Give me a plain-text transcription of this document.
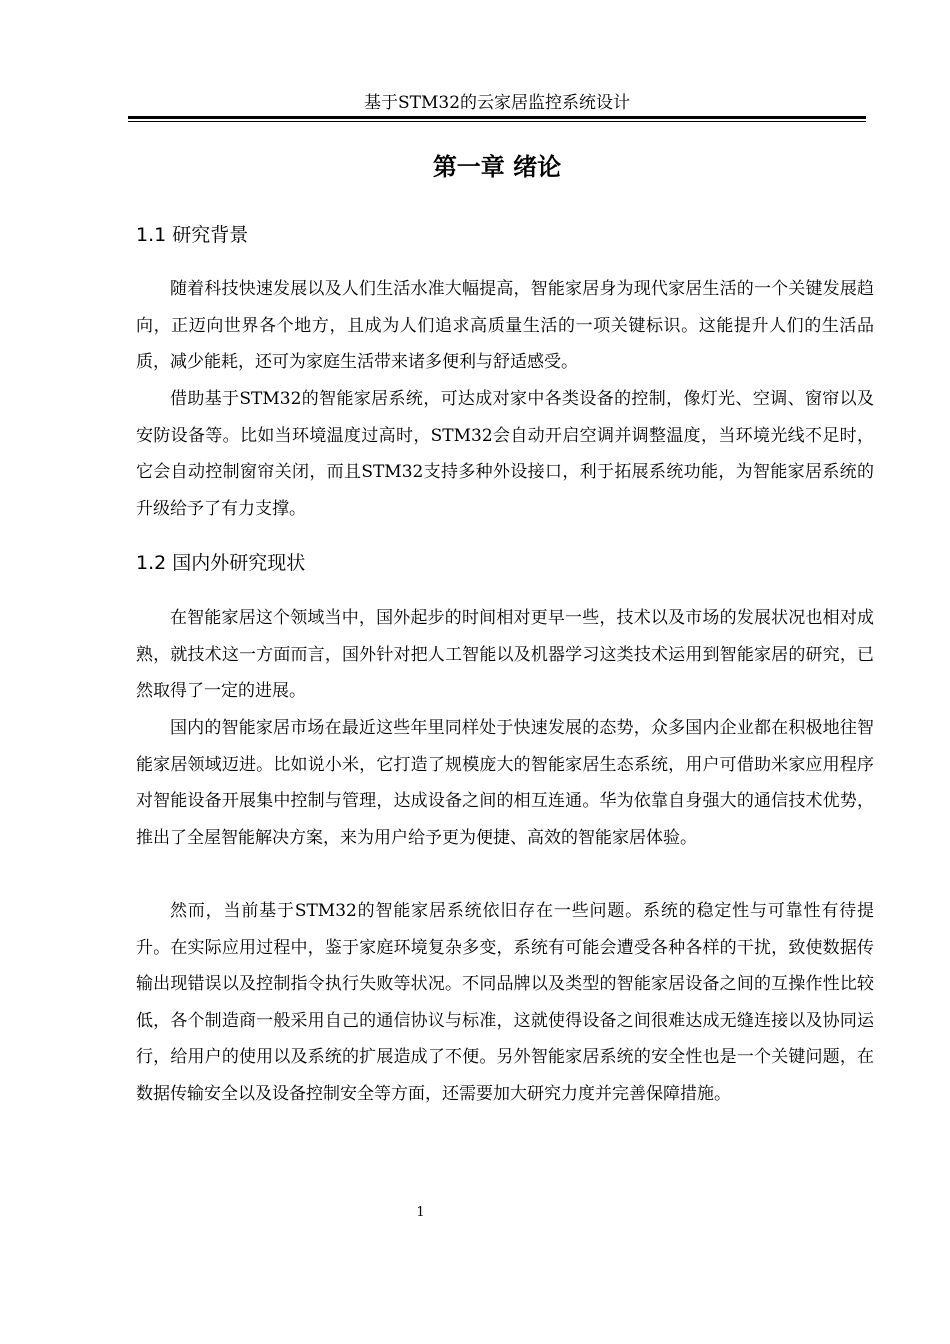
基于STM32的云家居监控系统设计
第一章 绪论
1.1 研究背景

随着科技快速发展以及人们生活水准大幅提高，智能家居身为现代家居生活的一个关键发展趋向，正迈向世界各个地方，且成为人们追求高质量生活的一项关键标识。这能提升人们的生活品质，减少能耗，还可为家庭生活带来诸多便利与舒适感受。

借助基于STM32的智能家居系统，可达成对家中各类设备的控制，像灯光、空调、窗帘以及安防设备等。比如当环境温度过高时，STM32会自动开启空调并调整温度，当环境光线不足时，它会自动控制窗帘关闭，而且STM32支持多种外设接口，利于拓展系统功能，为智能家居系统的升级给予了有力支撑。

1.2 国内外研究现状

在智能家居这个领域当中，国外起步的时间相对更早一些，技术以及市场的发展状况也相对成熟，就技术这一方面而言，国外针对把人工智能以及机器学习这类技术运用到智能家居的研究，已然取得了一定的进展。

国内的智能家居市场在最近这些年里同样处于快速发展的态势，众多国内企业都在积极地往智能家居领域迈进。比如说小米，它打造了规模庞大的智能家居生态系统，用户可借助米家应用程序对智能设备开展集中控制与管理，达成设备之间的相互连通。华为依靠自身强大的通信技术优势，推出了全屋智能解决方案，来为用户给予更为便捷、高效的智能家居体验。

然而，当前基于STM32的智能家居系统依旧存在一些问题。系统的稳定性与可靠性有待提升。在实际应用过程中，鉴于家庭环境复杂多变，系统有可能会遭受各种各样的干扰，致使数据传输出现错误以及控制指令执行失败等状况。不同品牌以及类型的智能家居设备之间的互操作性比较低，各个制造商一般采用自己的通信协议与标准，这就使得设备之间很难达成无缝连接以及协同运行，给用户的使用以及系统的扩展造成了不便。另外智能家居系统的安全性也是一个关键问题，在数据传输安全以及设备控制安全等方面，还需要加大研究力度并完善保障措施。

1
